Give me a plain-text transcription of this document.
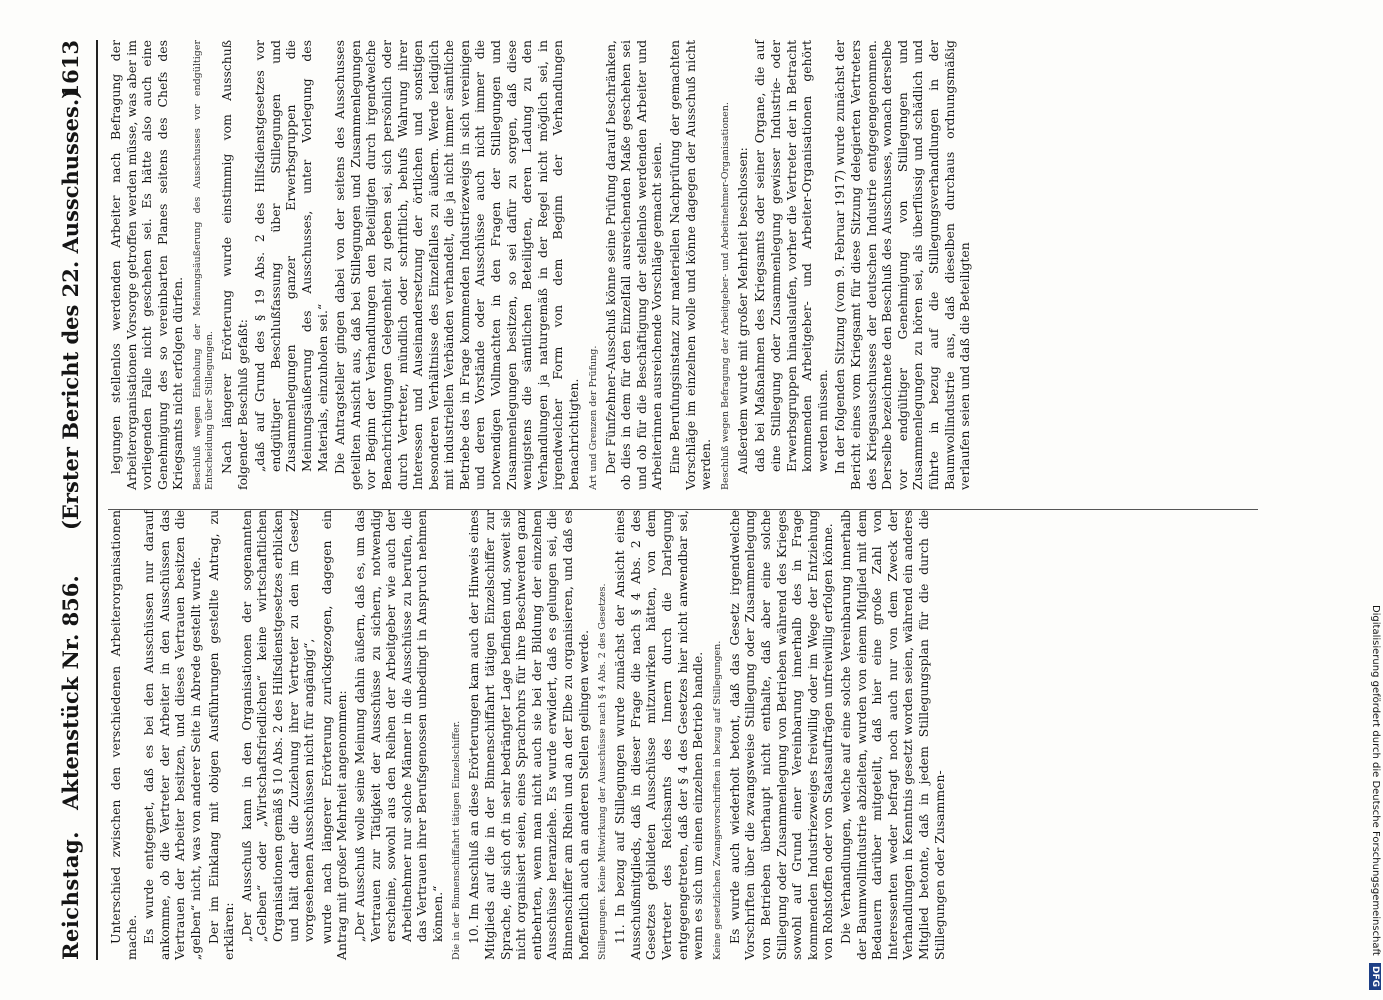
Reichstag.
Aktenstück Nr. 856.
(Erster Bericht des 22. Ausschusses.)
1613

Unterschied zwischen den verschiedenen Arbeiterorganisationen mache. Es wurde entgegnet, daß es bei den Ausschüssen nur darauf ankomme, ob die Vertreter der Arbeiter in den Ausschüssen das Vertrauen der Arbeiter besitzen, und dieses Vertrauen besitzen die „gelben“ nicht, was von anderer Seite in Abrede gestellt wurde. Der im Einklang mit obigen Ausführungen gestellte Antrag, zu erklären: „Der Ausschuß kann in den Organisationen der sogenannten „Gelben“ oder „Wirtschaftsfriedlichen“ keine wirtschaftlichen Organisationen gemäß § 10 Abs. 2 des Hilfsdienstgesetzes erblicken und hält daher die Zuziehung ihrer Vertreter zu den im Gesetz vorgesehenen Ausschüssen nicht für angängig“, wurde nach längerer Erörterung zurückgezogen, dagegen ein Antrag mit großer Mehrheit angenommen: „Der Ausschuß wolle seine Meinung dahin äußern, daß es, um das Vertrauen zur Tätigkeit der Ausschüsse zu sichern, notwendig erscheine, sowohl aus den Reihen der Arbeitgeber wie auch der Arbeitnehmer nur solche Männer in die Ausschüsse zu berufen, die das Vertrauen ihrer Berufsgenossen unbedingt in Anspruch nehmen können.“ Die in der Binnenschiffahrt tätigen Einzelschiffer. 10. Im Anschluß an diese Erörterungen kam auch der Hinweis eines Mitglieds auf die in der Binnenschiffahrt tätigen Einzelschiffer zur Sprache, die sich oft in sehr bedrängter Lage befinden und, soweit sie nicht organisiert seien, eines Sprachrohrs für ihre Beschwerden ganz entbehrten, wenn man nicht auch sie bei der Bildung der einzelnen Ausschüsse heranziehe. Es wurde erwidert, daß es gelungen sei, die Binnenschiffer am Rhein und an der Elbe zu organisieren, und daß es hoffentlich auch an anderen Stellen gelingen werde. Stillegungen. Keine Mitwirkung der Ausschüsse nach § 4 Abs. 2 des Gesetzes. 11. In bezug auf Stillegungen wurde zunächst der Ansicht eines Ausschußmitglieds, daß in dieser Frage die nach § 4 Abs. 2 des Gesetzes gebildeten Ausschüsse mitzuwirken hätten, von dem Vertreter des Reichsamts des Innern durch die Darlegung entgegengetreten, daß der § 4 des Gesetzes hier nicht anwendbar sei, wenn es sich um einen einzelnen Betrieb handle. Keine gesetzlichen Zwangsvorschriften in bezug auf Stillegungen. Es wurde auch wiederholt betont, daß das Gesetz irgendwelche Vorschriften über die zwangsweise Stillegung oder Zusammenlegung von Betrieben überhaupt nicht enthalte, daß aber eine solche Stillegung oder Zusammenlegung von Betrieben während des Krieges sowohl auf Grund einer Vereinbarung innerhalb des in Frage kommenden Industriezweiges freiwillig oder im Wege der Entziehung von Rohstoffen oder von Staatsaufträgen unfreiwillig erfolgen könne. Die Verhandlungen, welche auf eine solche Vereinbarung innerhalb der Baumwollindustrie abzielten, wurden von einem Mitglied mit dem Bedauern darüber mitgeteilt, daß hier eine große Zahl von Interessenten weder befragt noch auch nur von dem Zweck der Verhandlungen in Kenntnis gesetzt worden seien, während ein anderes Mitglied betonte, daß in jedem Stillegungsplan für die durch die Stillegungen oder Zusammen-

legungen stellenlos werdenden Arbeiter nach Befragung der Arbeiterorganisationen Vorsorge getroffen werden müsse, was aber im vorliegenden Falle nicht geschehen sei. Es hätte also auch eine Genehmigung des so vereinbarten Planes seitens des Chefs des Kriegsamts nicht erfolgen dürfen. Beschluß wegen Einholung der Meinungsäußerung des Ausschusses vor endgültiger Entscheidung über Stillegungen. Nach längerer Erörterung wurde einstimmig vom Ausschuß folgender Beschluß gefaßt: „daß auf Grund des § 19 Abs. 2 des Hilfsdienstgesetzes vor endgültiger Beschlußfassung über Stillegungen und Zusammenlegungen ganzer Erwerbsgruppen die Meinungsäußerung des Ausschusses, unter Vorlegung des Materials, einzuholen sei.“ Die Antragsteller gingen dabei von der seitens des Ausschusses geteilten Ansicht aus, daß bei Stillegungen und Zusammenlegungen vor Beginn der Verhandlungen den Beteiligten durch irgendwelche Benachrichtigungen Gelegenheit zu geben sei, sich persönlich oder durch Vertreter, mündlich oder schriftlich, behufs Wahrung ihrer Interessen und Auseinandersetzung der örtlichen und sonstigen besonderen Verhältnisse des Einzelfalles zu äußern. Werde lediglich mit industriellen Verbänden verhandelt, die ja nicht immer sämtliche Betriebe des in Frage kommenden Industriezweigs in sich vereinigen und deren Vorstände oder Ausschüsse auch nicht immer die notwendigen Vollmachten in den Fragen der Stillegungen und Zusammenlegungen besitzen, so sei dafür zu sorgen, daß diese wenigstens die sämtlichen Beteiligten, deren Ladung zu den Verhandlungen ja naturgemäß in der Regel nicht möglich sei, in irgendwelcher Form von dem Beginn der Verhandlungen benachrichtigten. Art und Grenzen der Prüfung. Der Fünfzehner-Ausschuß könne seine Prüfung darauf beschränken, ob dies in dem für den Einzelfall ausreichenden Maße geschehen sei und ob für die Beschäftigung der stellenlos werdenden Arbeiter und Arbeiterinnen ausreichende Vorschläge gemacht seien. Eine Berufungsinstanz zur materiellen Nachprüfung der gemachten Vorschläge im einzelnen wolle und könne dagegen der Ausschuß nicht werden. Beschluß wegen Befragung der Arbeitgeber- und Arbeitnehmer-Organisationen. Außerdem wurde mit großer Mehrheit beschlossen: daß bei Maßnahmen des Kriegsamts oder seiner Organe, die auf eine Stillegung oder Zusammenlegung gewisser Industrie- oder Erwerbsgruppen hinauslaufen, vorher die Vertreter der in Betracht kommenden Arbeitgeber- und Arbeiter-Organisationen gehört werden müssen. In der folgenden Sitzung (vom 9. Februar 1917) wurde zunächst der Bericht eines vom Kriegsamt für diese Sitzung delegierten Vertreters des Kriegsausschusses der deutschen Industrie entgegengenommen. Derselbe bezeichnete den Beschluß des Ausschusses, wonach derselbe vor endgültiger Genehmigung von Stillegungen und Zusammenlegungen zu hören sei, als überflüssig und schädlich und führte in bezug auf die Stillegungsverhandlungen in der Baumwollindustrie aus, daß dieselben durchaus ordnungsmäßig verlaufen seien und daß die Beteiligten

Digitalisierung gefördert durch die Deutsche Forschungsgemeinschaft DFG
